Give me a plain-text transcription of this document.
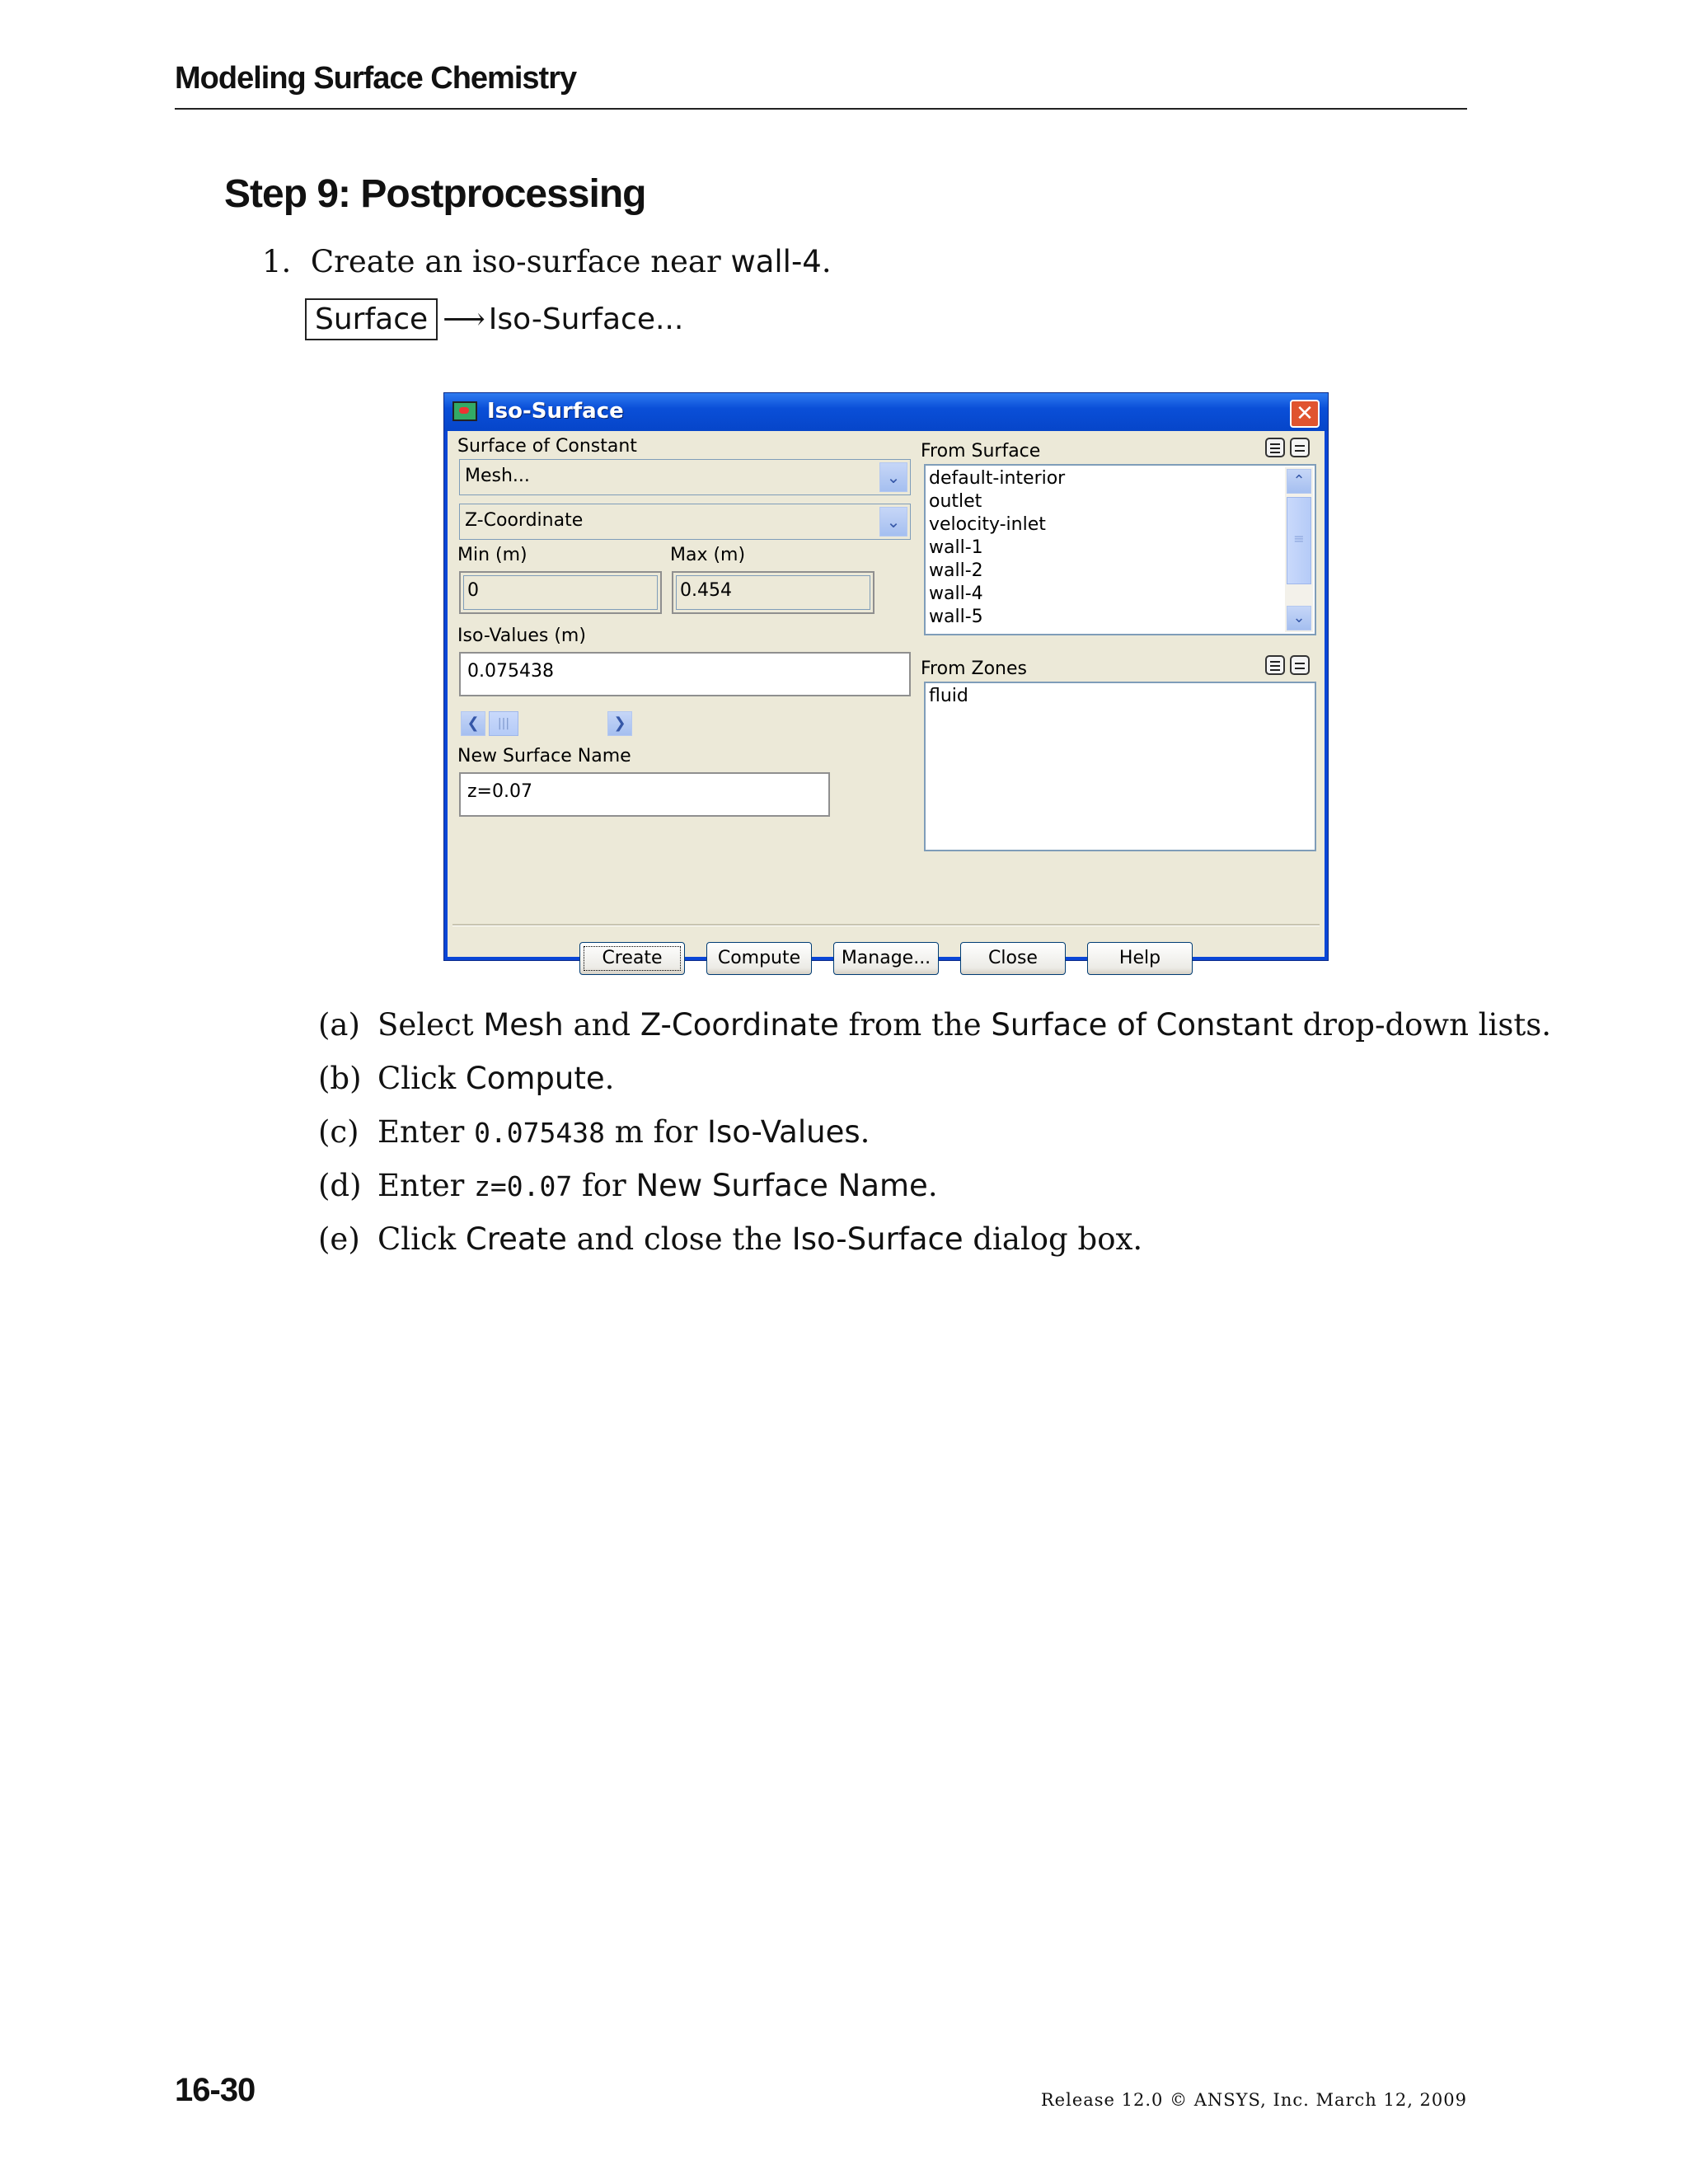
Modeling Surface Chemistry
Step 9: Postprocessing
1. Create an iso-surface near wall-4.
Surface ⟶ Iso-Surface...
Iso-Surface	✕
Surface of Constant
Mesh...	⌄
Z-Coordinate	⌄
Min (m)	Max (m)
0	0.454
Iso-Values (m)
0.075438
❮	|||	❯
New Surface Name
z=0.07
From Surface
default-interior
outlet
velocity-inlet
wall-1
wall-2
wall-4
wall-5
⌃
≡
⌄
From Zones
fluid
Create	Compute	Manage...	Close	Help
(a) Select Mesh and Z-Coordinate from the Surface of Constant drop-down lists.
(b) Click Compute.
(c) Enter 0.075438 m for Iso-Values.
(d) Enter z=0.07 for New Surface Name.
(e) Click Create and close the Iso-Surface dialog box.
16-30	Release 12.0 © ANSYS, Inc. March 12, 2009
